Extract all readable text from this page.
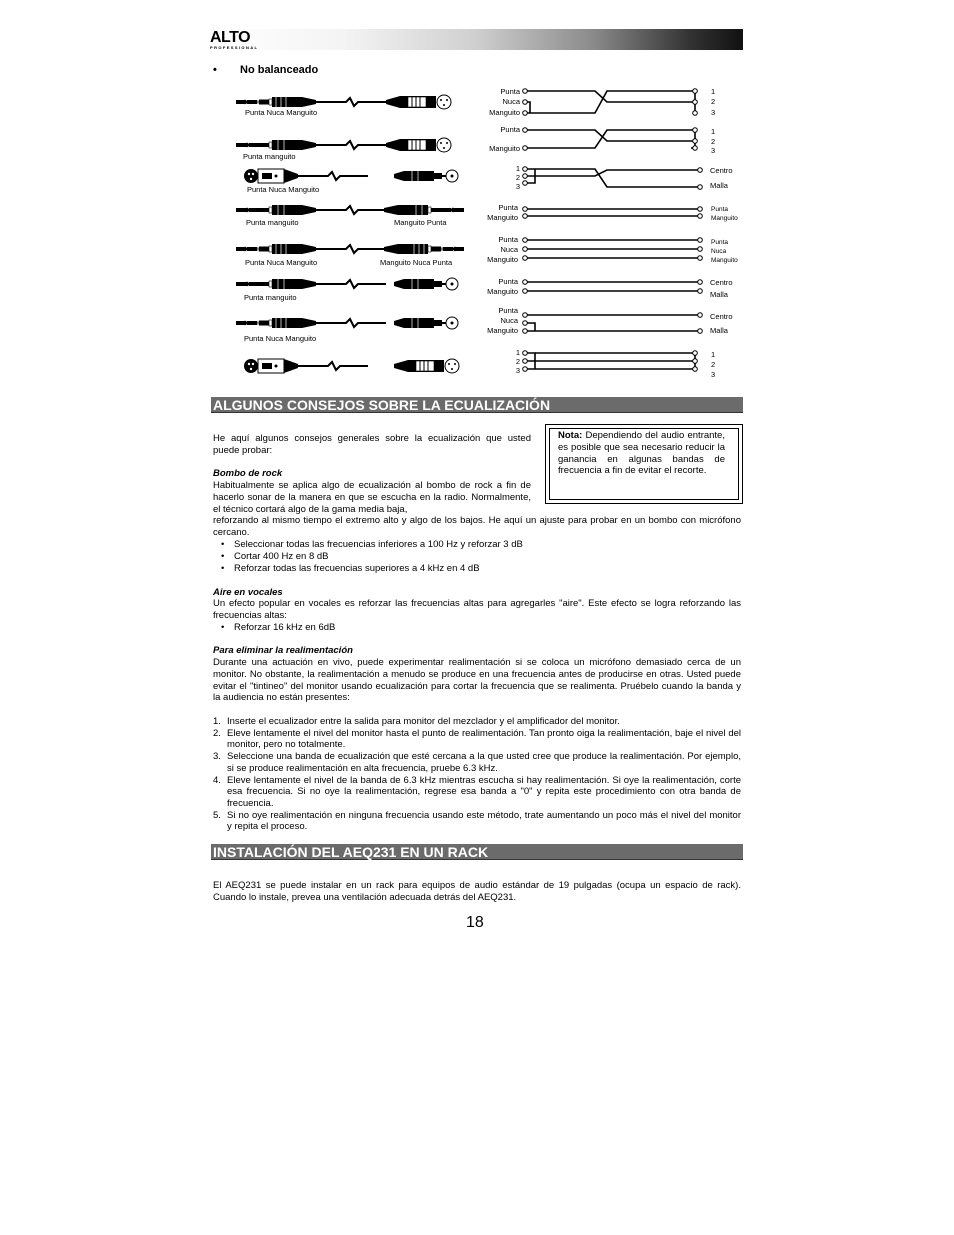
ALTO
PROFESSIONAL
• No balanceado
Punta Nuca Manguito
Punta manguito
Punta Nuca Manguito
Punta manguito	Manguito Punta
Punta Nuca Manguito	Manguito Nuca Punta
Punta manguito
Punta Nuca Manguito
Punta
Nuca
Manguito
1
2
3
Punta
Manguito
1
2
3
1
2
3
Centro
Malla
Punta
Manguito
Punta
Manguito
Punta
Nuca
Manguito
Punta
Nuca
Manguito
Punta
Manguito
Centro
Malla
Punta
Nuca
Manguito
Centro
Malla
1
2
3
1
2
3
ALGUNOS CONSEJOS SOBRE LA ECUALIZACIÓN
He aquí algunos consejos generales sobre la ecualización que usted puede probar:
Nota: Dependiendo del audio entrante, es posible que sea necesario reducir la ganancia en algunas bandas de frecuencia a fin de evitar el recorte.
Bombo de rock
Habitualmente se aplica algo de ecualización al bombo de rock a fin de hacerlo sonar de la manera en que se escucha en la radio. Normalmente, el técnico cortará algo de la gama media baja,
reforzando al mismo tiempo el extremo alto y algo de los bajos. He aquí un ajuste para probar en un bombo con micrófono cercano.
• Seleccionar todas las frecuencias inferiores a 100 Hz y reforzar 3 dB
• Cortar 400 Hz en 8 dB
• Reforzar todas las frecuencias superiores a 4 kHz en 4 dB
Aire en vocales
Un efecto popular en vocales es reforzar las frecuencias altas para agregarles "aire". Este efecto se logra reforzando las frecuencias altas:
• Reforzar 16 kHz en 6dB
Para eliminar la realimentación
Durante una actuación en vivo, puede experimentar realimentación si se coloca un micrófono demasiado cerca de un monitor. No obstante, la realimentación a menudo se produce en una frecuencia antes de producirse en otras. Usted puede evitar el "tintineo" del monitor usando ecualización para cortar la frecuencia que se realimenta. Pruébelo cuando la banda y la audiencia no están presentes:
1. Inserte el ecualizador entre la salida para monitor del mezclador y el amplificador del monitor.
2. Eleve lentamente el nivel del monitor hasta el punto de realimentación. Tan pronto oiga la realimentación, baje el nivel del monitor, pero no totalmente.
3. Seleccione una banda de ecualización que esté cercana a la que usted cree que produce la realimentación. Por ejemplo, si se produce realimentación en alta frecuencia, pruebe 6.3 kHz.
4. Eleve lentamente el nivel de la banda de 6.3 kHz mientras escucha si hay realimentación. Si oye la realimentación, corte esa frecuencia. Si no oye la realimentación, regrese esa banda a "0" y repita este procedimiento con otra banda de frecuencia.
5. Si no oye realimentación en ninguna frecuencia usando este método, trate aumentando un poco más el nivel del monitor y repita el proceso.
INSTALACIÓN DEL AEQ231 EN UN RACK
El AEQ231 se puede instalar en un rack para equipos de audio estándar de 19 pulgadas (ocupa un espacio de rack). Cuando lo instale, prevea una ventilación adecuada detrás del AEQ231.
18
